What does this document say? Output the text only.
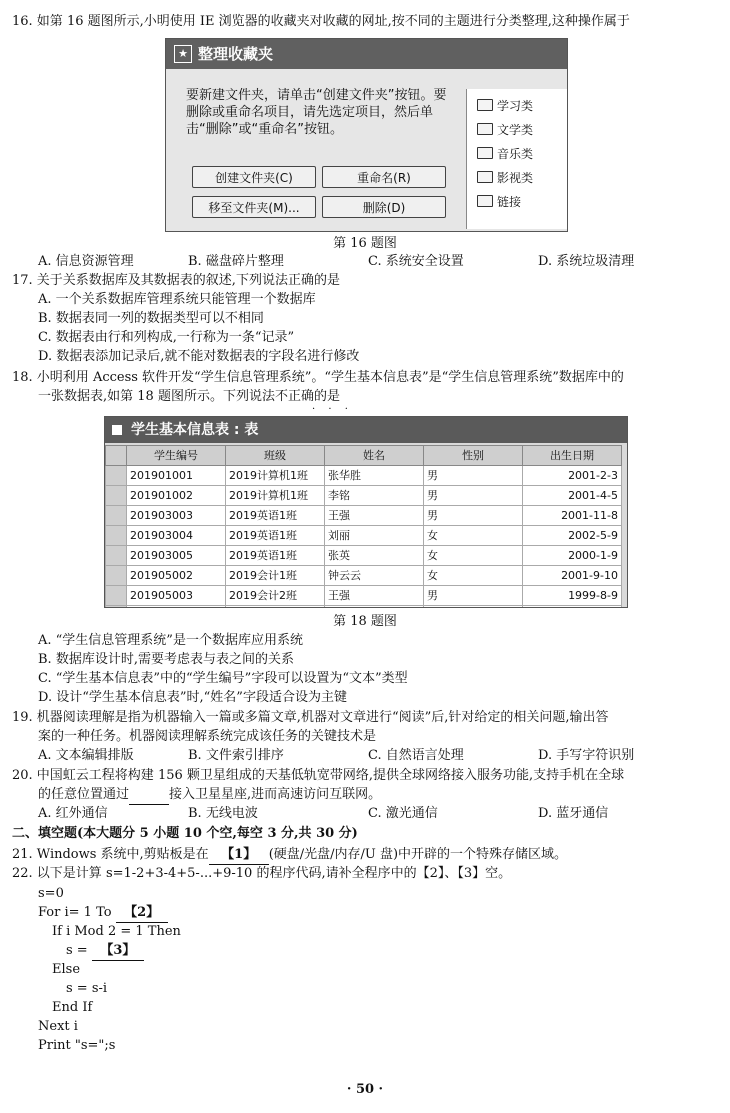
16. 如第 16 题图所示,小明使用 IE 浏览器的收藏夹对收藏的网址,按不同的主题进行分类整理,这种操作属于
★ 整理收藏夹
要新建文件夹，请单击“创建文件夹”按钮。要删除或重命名项目，请先选定项目，然后单击“删除”或“重命名”按钮。
创建文件夹(C)	重命名(R)
移至文件夹(M)...	删除(D)
学习类
文学类
音乐类
影视类
链接
第 16 题图
A. 信息资源管理	B. 磁盘碎片整理	C. 系统安全设置	D. 系统垃圾清理
17. 关于关系数据库及其数据表的叙述,下列说法正确的是
A. 一个关系数据库管理系统只能管理一个数据库
B. 数据表同一列的数据类型可以不相同
C. 数据表由行和列构成,一行称为一条“记录”
D. 数据表添加记录后,就不能对数据表的字段名进行修改
18. 小明利用 Access 软件开发“学生信息管理系统”。“学生基本信息表”是“学生信息管理系统”数据库中的
一张数据表,如第 18 题图所示。下列说法不正确的是
· · ·
学生基本信息表 : 表
	学生编号	班级	姓名	性别	出生日期
	201901001	2019计算机1班	张华胜	男	2001-2-3
	201901002	2019计算机1班	李铭	男	2001-4-5
	201903003	2019英语1班	王强	男	2001-11-8
	201903004	2019英语1班	刘丽	女	2002-5-9
	201903005	2019英语1班	张英	女	2000-1-9
	201905002	2019会计1班	钟云云	女	2001-9-10
	201905003	2019会计2班	王强	男	1999-8-9

第 18 题图
A. “学生信息管理系统”是一个数据库应用系统
B. 数据库设计时,需要考虑表与表之间的关系
C. “学生基本信息表”中的“学生编号”字段可以设置为“文本”类型
D. 设计“学生基本信息表”时,“姓名”字段适合设为主键
19. 机器阅读理解是指为机器输入一篇或多篇文章,机器对文章进行“阅读”后,针对给定的相关问题,输出答
案的一种任务。机器阅读理解系统完成该任务的关键技术是
A. 文本编辑排版	B. 文件索引排序	C. 自然语言处理	D. 手写字符识别
20. 中国虹云工程将构建 156 颗卫星组成的天基低轨宽带网络,提供全球网络接入服务功能,支持手机在全球
的任意位置通过	接入卫星星座,进而高速访问互联网。
A. 红外通信	B. 无线电波	C. 激光通信	D. 蓝牙通信
二、填空题(本大题分 5 小题 10 个空,每空 3 分,共 30 分)
21. Windows 系统中,剪贴板是在 【1】 (硬盘/光盘/内存/U 盘)中开辟的一个特殊存储区域。
22. 以下是计算 s=1-2+3-4+5-...+9-10 的程序代码,请补全程序中的【2】、【3】空。
s=0
For i= 1 To 【2】
If i Mod 2 = 1 Then
s = 【3】
Else
s = s-i
End If
Next i
Print "s=";s
· 50 ·
